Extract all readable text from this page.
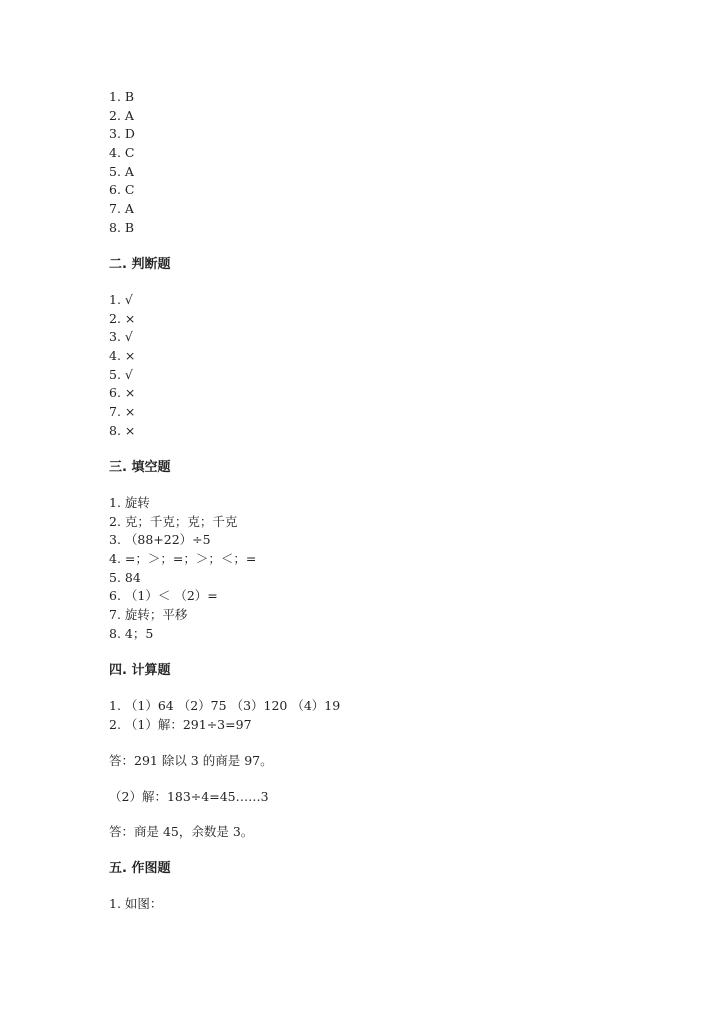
1. B
2. A
3. D
4. C
5. A
6. C
7. A
8. B
二. 判断题
1. √
2. ×
3. √
4. ×
5. √
6. ×
7. ×
8. ×
三. 填空题
1. 旋转
2. 克；千克；克；千克
3. （88+22）÷5
4. =；＞；=；＞；＜；=
5. 84
6. （1）＜ （2）=
7. 旋转；平移
8. 4；5
四. 计算题
1. （1）64 （2）75 （3）120 （4）19
2. （1）解：291÷3=97
答：291 除以 3 的商是 97。
（2）解：183÷4=45……3
答：商是 45，余数是 3。
五. 作图题
1. 如图：
